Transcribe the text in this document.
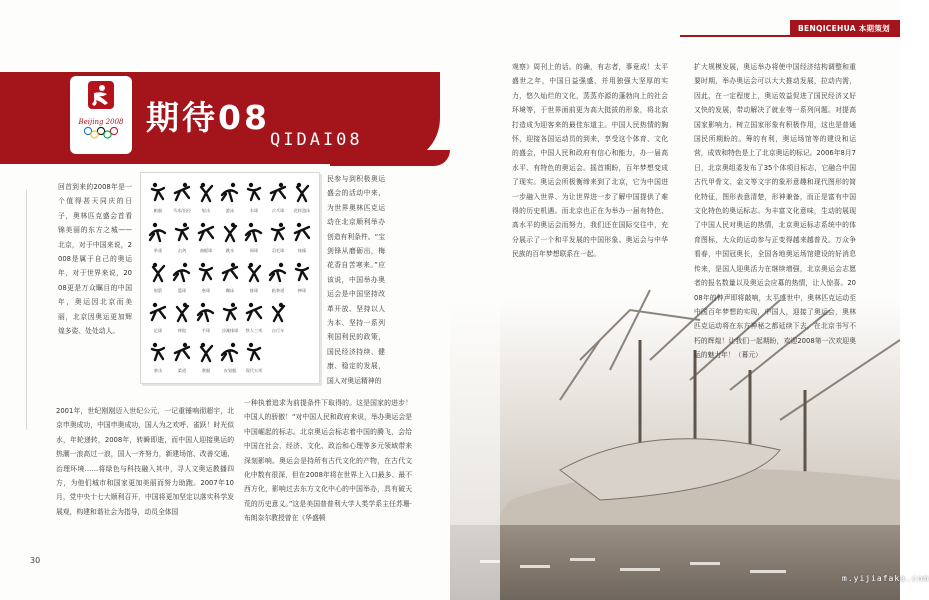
Beijing 2008 期待08
QIDAI08
回首到来的2008年是一个值得甚天同庆的日子，奥林匹克盛会首看锦美丽的东方之城——北京，对于中国来说，2008是属于自己的奥运年，对于世界来说，2008更是万众瞩目的中国年，奥运因北京而美丽，北京因奥运更加辉煌多姿、处处动人。
帆船	马术/田径	射击	游泳	水球	乒乓球 花样游泳
举重	击剑	曲棍球	跳水	网球	羽毛球	体操
射箭	篮球	垒球	蹦床	排球	跆拳道	棒球
足球	摔跤	手球	沙滩排球 铁人三项 自行车
拳击	柔道	赛艇	皮划艇 现代五项
民参与到积极奥运盛会的活动中来，为世界奥林匹克运动在北京顺利举办创造有利条件。“宝剑锋从磨砺出，梅花香自苦寒来。”应该说，中国举办奥运会是中国坚持改革开放、坚持以人为本、坚持一系列利国利民的政策，国民经济持续、健康、稳定的发展，国人对奥运精神的
2001年，世纪刚刚迈入世纪公元，一记重锤响彻超宇，北京申奥成功，中国申奥成功，国人为之欢呼、雀跃！时光似水，年轮递转，2008年，转瞬即逝，而中国人迎接奥运的热潮一浪高过一浪，国人一齐努力，新建场馆、改善交通、治理环境……将绿色与科技融入其中，寻人文奥运教播四方，为他们城市和国家更加美丽而努力助跑。2007年10月，党中央十七大顺利召开，中国将更加坚定以落实科学发展观，构建和谐社会为指导，动员全体国
一种执着追求为前提条件下取得的。这是国家的进步！中国人的骄傲！“对中国人民和政府来说，举办奥运会是中国崛起的标志。北京奥运会标志着中国的腾飞，会给中国在社会、经济、文化、政治和心理等多元领域带来深刻影响。奥运会是持所有古代文化的产物，在古代文化中数有很深，但在2008年将在世界上入口最多、最不西方化，影响过去东方文化中心的中国举办，具有破天荒的历史意义。”这是美国普普利大学人类学系主任苏珊·布朗奈尔教授曾在《华盛顿
30
BENQICEHUA 本期策划
观察》周刊上的话。的确，有志者，事竟成！太平盛世之年，中国日益强盛，并用独强大坚厚的实力，悠久灿烂的文化，蒸蒸亦源的蓬勃向上的社会环境等，于世界面前更为高大挺拔的形象，将北京打造成为迎客来的最佳东道主。中国人民热情的胸怀，迎接各国运动员的到来，享受这个体育、文化的盛会，中国人民和政府有信心和能力，办一届高水平、有特色的奥运会。摇首期盼，百年梦想变成了现实。奥运会所极衡缔来到了北京，它为中国进一步融入世界、为让世界进一步了解中国提供了难得的历史机遇。而北京也正在为举办一届有特色、高水平的奥运会而努力，我们还在国际交往中，充分展示了一个和平发展的中国形象。奥运会与中华民族的百年梦想联系在一起。
扩大规模发展，奥运举办将使中国经济结构调整和重要时期，举办奥运会可以大大推动发展，拉动内需，因此，在一定程度上，奥运效益促进了国民经济又好又快的发展，带动解决了就业等一系列问题。对提高国家影响力、树立国家形象有积极作用，这也是普通国民所期盼的。筹的有利，奥运场馆等的建设和运营，成效和特色是上了北京奥运的标记。2006年8月7日，北京奥组委发布了35个体项目标志，它融合中国古代甲骨文、金文等文字的象形意趣和现代图形的简化特征，图形表意清楚，形神兼备，而正是富有中国文化特色的奥运标志。为丰富文化意味，生动的展现了中国人民对奥运的热情，北京奥运标志系统中的体育图标，大众的运动参与正变得越来越普及。万众争看春，中国冠奥长，全国各地奥运场馆建设的好消息传来，是国人迎奥活力在继续增强，北京奥运会志愿者的报名数量以及奥运会应募的热情，让人惊喜。2008年的钟声即将敲响，太平盛世中，奥林匹克运动至中国百年梦想的实现，中国人，迎接了奥运会，奥林匹克运动将在东方神秘之都延续下去，在北京书写不朽的辉煌！让我们一起期盼，欢迎2008第一次欢迎奥运的魅力年！（幕元）
m.yijiafaka.com
